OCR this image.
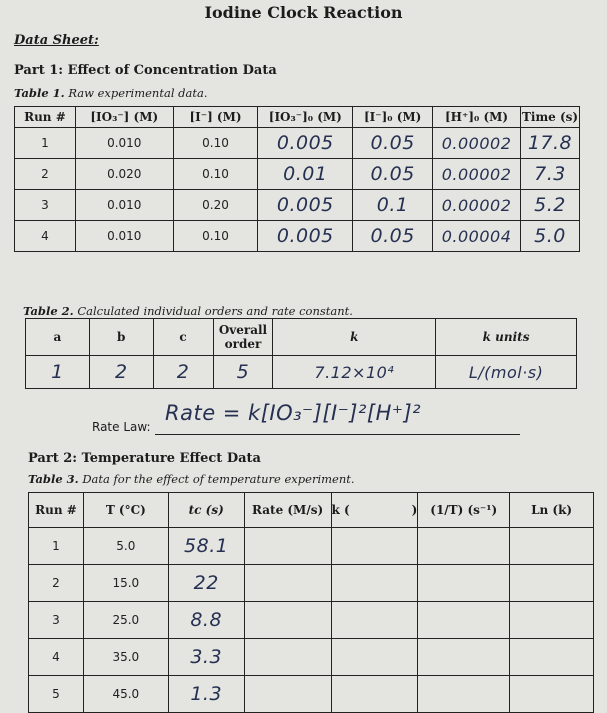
Iodine Clock Reaction
Data Sheet:
Part 1: Effect of Concentration Data
Table 1. Raw experimental data.
Run #	[IO₃⁻] (M)	[I⁻] (M)	[IO₃⁻]₀ (M)	[I⁻]₀ (M)	[H⁺]₀ (M)	Time (s)
1	0.010	0.10	0.005	0.05	0.00002	17.8
2	0.020	0.10	0.01	0.05	0.00002	7.3
3	0.010	0.20	0.005	0.1	0.00002	5.2
4	0.010	0.10	0.005	0.05	0.00004	5.0
Table 2. Calculated individual orders and rate constant.
a	b	c	Overall order	k	k units
1	2	2	5	7.12×10⁴	L/(mol·s)
Rate Law:
Rate = k[IO₃⁻][I⁻]²[H⁺]²
Part 2: Temperature Effect Data
Table 3. Data for the effect of temperature experiment.
Run #	T (°C)	tc (s)	Rate (M/s)	k (	)	(1/T) (s⁻¹)	Ln (k)
1	5.0	58.1					
2	15.0	22					
3	25.0	8.8					
4	35.0	3.3					
5	45.0	1.3					
